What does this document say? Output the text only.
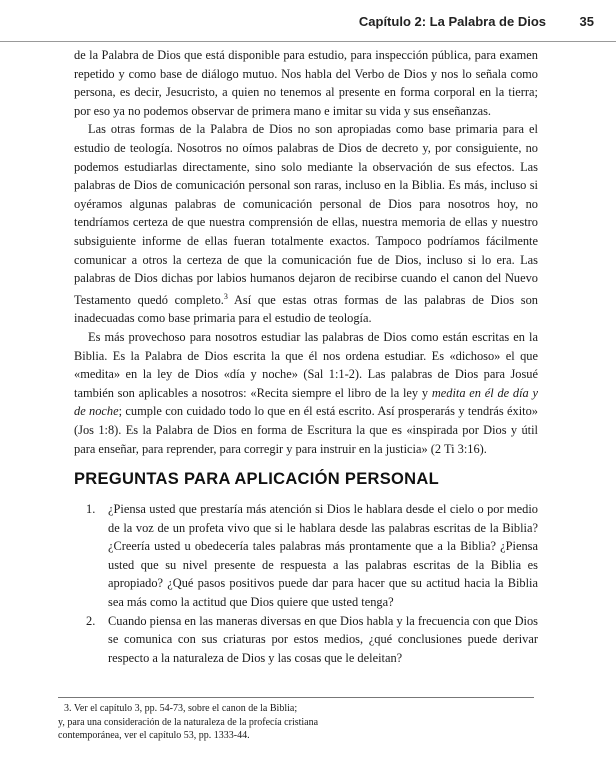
Capítulo 2: La Palabra de Dios	35

de la Palabra de Dios que está disponible para estudio, para inspección pública, para examen repetido y como base de diálogo mutuo. Nos habla del Verbo de Dios y nos lo señala como persona, es decir, Jesucristo, a quien no tenemos al presente en forma corporal en la tierra; por eso ya no podemos observar de primera mano e imitar su vida y sus enseñanzas.

Las otras formas de la Palabra de Dios no son apropiadas como base primaria para el estudio de teología. Nosotros no oímos palabras de Dios de decreto y, por consiguiente, no podemos estudiarlas directamente, sino solo mediante la observación de sus efectos. Las palabras de Dios de comunicación personal son raras, incluso en la Biblia. Es más, incluso si oyéramos algunas palabras de comunicación personal de Dios para nosotros hoy, no tendríamos certeza de que nuestra comprensión de ellas, nuestra memoria de ellas y nuestro subsiguiente informe de ellas fueran totalmente exactos. Tampoco podríamos fácilmente comunicar a otros la certeza de que la comunicación fue de Dios, incluso si lo era. Las palabras de Dios dichas por labios humanos dejaron de recibirse cuando el canon del Nuevo Testamento quedó completo.$^3$ Así que estas otras formas de las palabras de Dios son inadecuadas como base primaria para el estudio de teología.

Es más provechoso para nosotros estudiar las palabras de Dios como están escritas en la Biblia. Es la Palabra de Dios escrita la que él nos ordena estudiar. Es «dichoso» el que «medita» en la ley de Dios «día y noche» (Sal 1:1-2). Las palabras de Dios para Josué también son aplicables a nosotros: «Recita siempre el libro de la ley y medita en él de día y de noche; cumple con cuidado todo lo que en él está escrito. Así prosperarás y tendrás éxito» (Jos 1:8). Es la Palabra de Dios en forma de Escritura la que es «inspirada por Dios y útil para enseñar, para reprender, para corregir y para instruir en la justicia» (2 Ti 3:16).

PREGUNTAS PARA APLICACIÓN PERSONAL
1. ¿Piensa usted que prestaría más atención si Dios le hablara desde el cielo o por medio de la voz de un profeta vivo que si le hablara desde las palabras escritas de la Biblia? ¿Creería usted u obedecería tales palabras más prontamente que a la Biblia? ¿Piensa usted que su nivel presente de respuesta a las palabras escritas de la Biblia es apropiado? ¿Qué pasos positivos puede dar para hacer que su actitud hacia la Biblia sea más como la actitud que Dios quiere que usted tenga?
2. Cuando piensa en las maneras diversas en que Dios habla y la frecuencia con que Dios se comunica con sus criaturas por estos medios, ¿qué conclusiones puede derivar respecto a la naturaleza de Dios y las cosas que le deleitan?
3. Ver el capítulo 3, pp. 54-73, sobre el canon de la Biblia;
y, para una consideración de la naturaleza de la profecía cristiana
contemporánea, ver el capítulo 53, pp. 1333-44.
